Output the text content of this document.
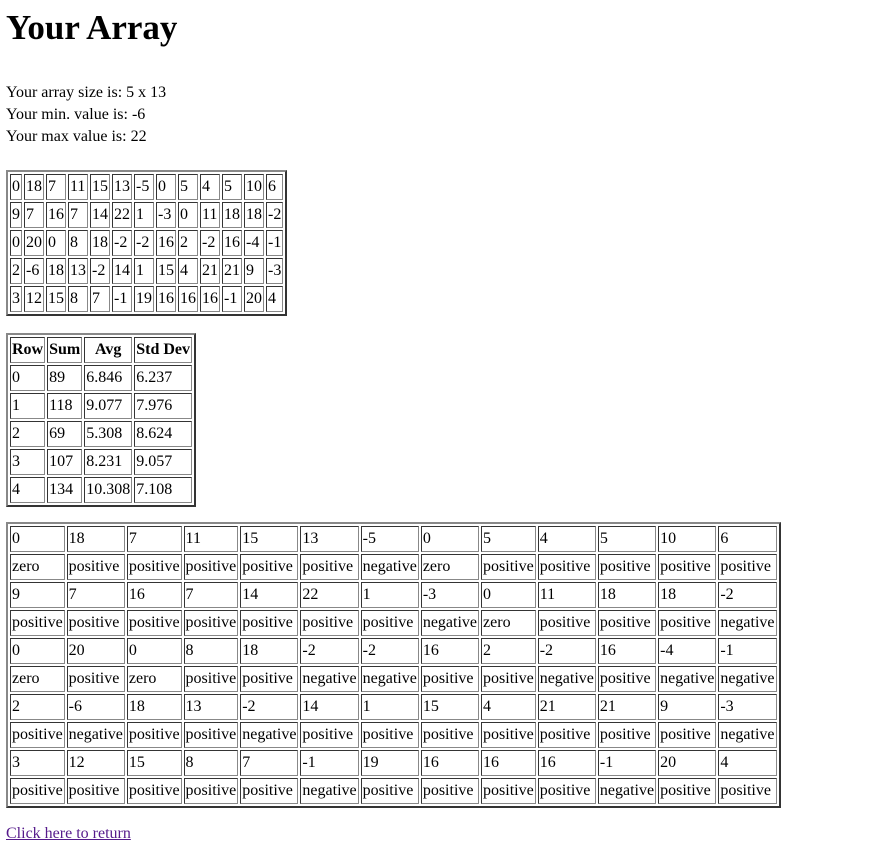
Your Array
Your array size is: 5 x 13
Your min. value is: -6
Your max value is: 22
0	18	7	11	15	13	-5	0	5	4	5	10	6
9	7	16	7	14	22	1	-3	0	11	18	18	-2
0	20	0	8	18	-2	-2	16	2	-2	16	-4	-1
2	-6	18	13	-2	14	1	15	4	21	21	9	-3
3	12	15	8	7	-1	19	16	16	16	-1	20	4
Row	Sum	Avg	Std Dev
0	89	6.846	6.237
1	118	9.077	7.976
2	69	5.308	8.624
3	107	8.231	9.057
4	134	10.308	7.108
0	18	7	11	15	13	-5	0	5	4	5	10	6
zero	positive	positive	positive	positive	positive	negative	zero	positive	positive	positive	positive	positive
9	7	16	7	14	22	1	-3	0	11	18	18	-2
positive	positive	positive	positive	positive	positive	positive	negative	zero	positive	positive	positive	negative
0	20	0	8	18	-2	-2	16	2	-2	16	-4	-1
zero	positive	zero	positive	positive	negative	negative	positive	positive	negative	positive	negative	negative
2	-6	18	13	-2	14	1	15	4	21	21	9	-3
positive	negative	positive	positive	negative	positive	positive	positive	positive	positive	positive	positive	negative
3	12	15	8	7	-1	19	16	16	16	-1	20	4
positive	positive	positive	positive	positive	negative	positive	positive	positive	positive	negative	positive	positive
Click here to return
